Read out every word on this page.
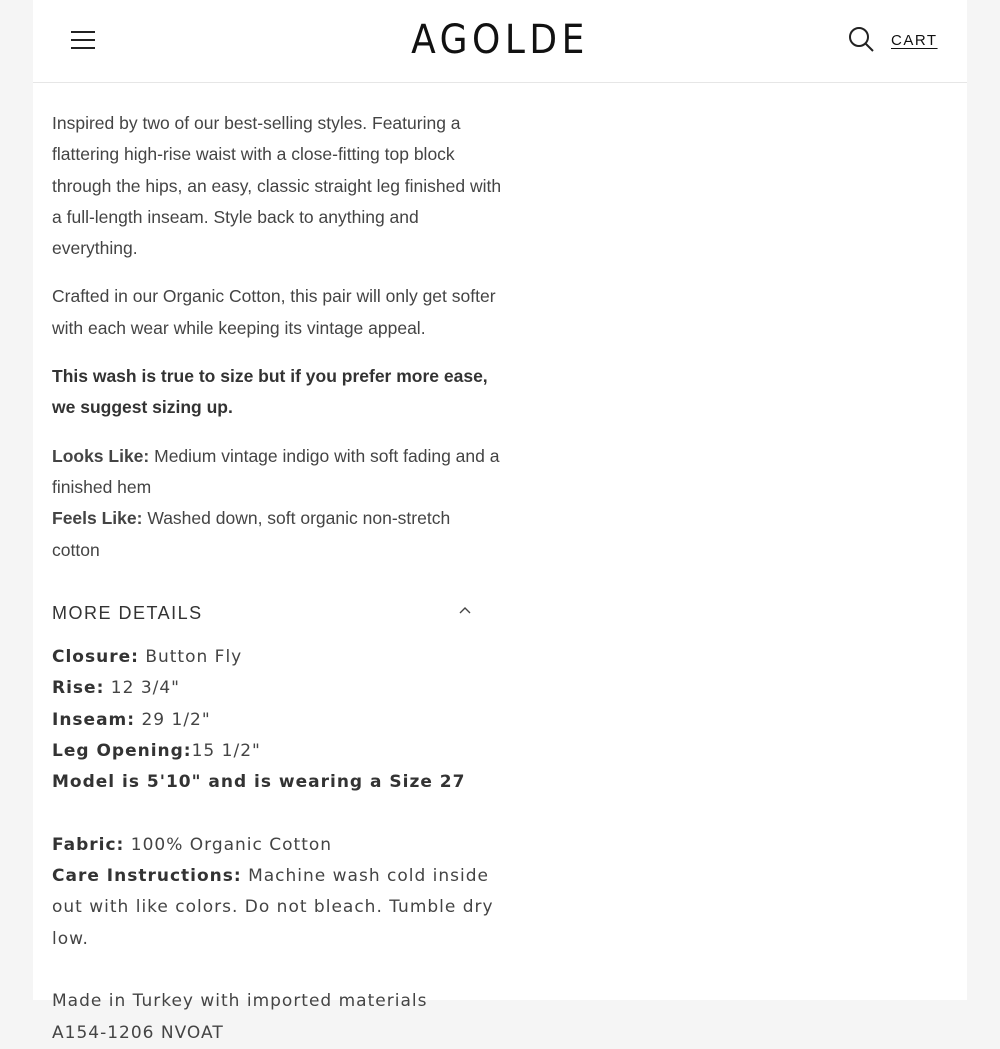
AGOLDE	CART

Inspired by two of our best-selling styles. Featuring a flattering high-rise waist with a close-fitting top block through the hips, an easy, classic straight leg finished with a full-length inseam. Style back to anything and everything.

Crafted in our Organic Cotton, this pair will only get softer with each wear while keeping its vintage appeal.

This wash is true to size but if you prefer more ease, we suggest sizing up.

Looks Like: Medium vintage indigo with soft fading and a finished hem
Feels Like: Washed down, soft organic non-stretch cotton
MORE DETAILS
Closure: Button Fly
Rise: 12 3/4"
Inseam: 29 1/2"
Leg Opening:15 1/2"
Model is 5'10" and is wearing a Size 27
Fabric: 100% Organic Cotton
Care Instructions: Machine wash cold inside out with like colors. Do not bleach. Tumble dry low.
Made in Turkey with imported materials
A154-1206 NVOAT
